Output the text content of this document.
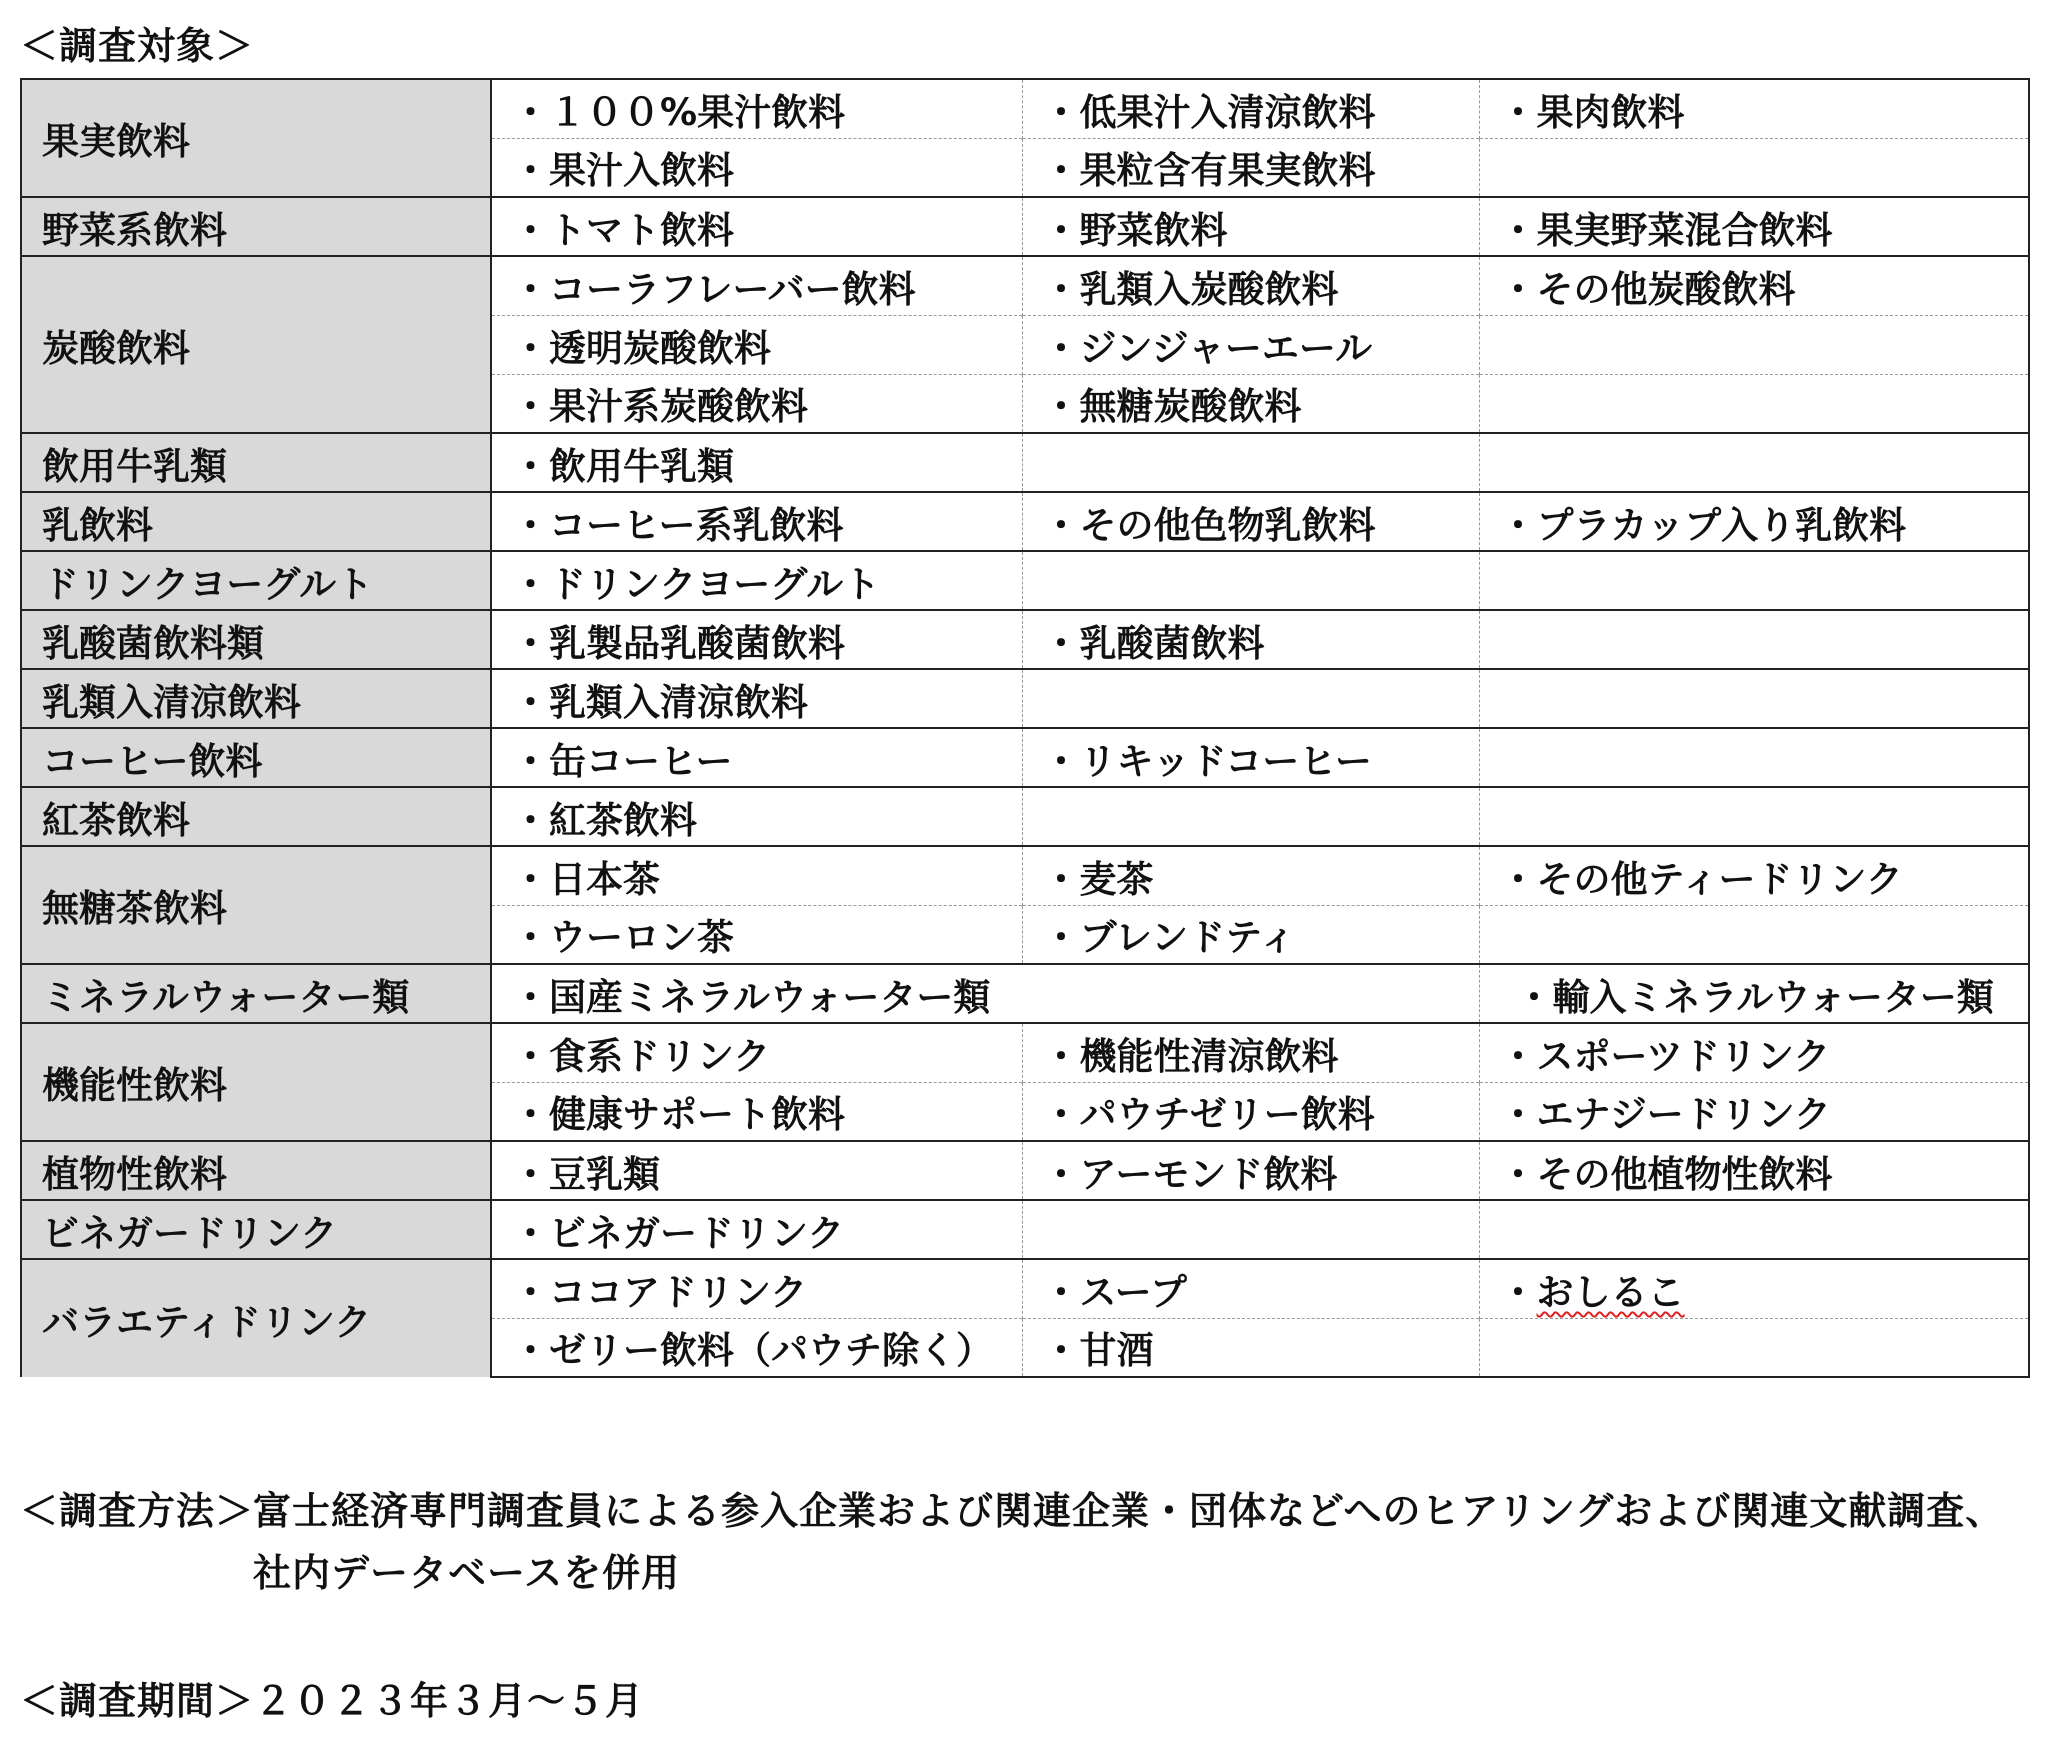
＜調査対象＞
果実飲料	・１００%果汁飲料	・低果汁入清涼飲料	・果肉飲料
	・果汁入飲料	・果粒含有果実飲料	
野菜系飲料	・トマト飲料	・野菜飲料	・果実野菜混合飲料
炭酸飲料	・コーラフレーバー飲料	・乳類入炭酸飲料	・その他炭酸飲料
	・透明炭酸飲料	・ジンジャーエール	
	・果汁系炭酸飲料	・無糖炭酸飲料	
飲用牛乳類	・飲用牛乳類		
乳飲料	・コーヒー系乳飲料	・その他色物乳飲料	・プラカップ入り乳飲料
ドリンクヨーグルト	・ドリンクヨーグルト		
乳酸菌飲料類	・乳製品乳酸菌飲料	・乳酸菌飲料	
乳類入清涼飲料	・乳類入清涼飲料		
コーヒー飲料	・缶コーヒー	・リキッドコーヒー	
紅茶飲料	・紅茶飲料		
無糖茶飲料	・日本茶	・麦茶	・その他ティードリンク
	・ウーロン茶	・ブレンドティ	
ミネラルウォーター類	・国産ミネラルウォーター類		・輸入ミネラルウォーター類
機能性飲料	・食系ドリンク	・機能性清涼飲料	・スポーツドリンク
	・健康サポート飲料	・パウチゼリー飲料	・エナジードリンク
植物性飲料	・豆乳類	・アーモンド飲料	・その他植物性飲料
ビネガードリンク	・ビネガードリンク		
バラエティドリンク	・ココアドリンク	・スープ	・おしるこ
	・ゼリー飲料（パウチ除く）	・甘酒	
＜調査方法＞
富士経済専門調査員による参入企業および関連企業・団体などへのヒアリングおよび関連文献調査、
社内データベースを併用
＜調査期間＞２０２３年３月～５月
